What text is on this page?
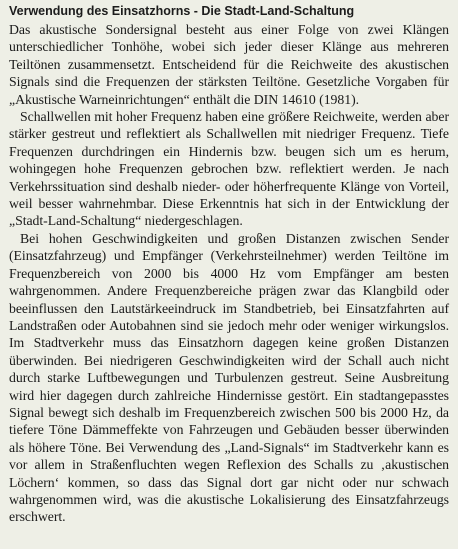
Verwendung des Einsatzhorns - Die Stadt-Land-Schaltung

Das akustische Sondersignal besteht aus einer Folge von zwei Klängen unterschiedlicher Tonhöhe, wobei sich jeder dieser Klänge aus mehreren Teiltönen zusammensetzt. Entscheidend für die Reichweite des akustischen Signals sind die Frequenzen der stärksten Teiltöne. Gesetzliche Vorgaben für „Akustische Warneinrichtungen“ enthält die DIN 14610 (1981).

Schallwellen mit hoher Frequenz haben eine größere Reichweite, werden aber stärker gestreut und reflektiert als Schallwellen mit niedriger Frequenz. Tiefe Frequenzen durchdringen ein Hindernis bzw. beugen sich um es herum, wohingegen hohe Frequenzen gebrochen bzw. reflektiert werden. Je nach Verkehrssituation sind deshalb nieder- oder höherfrequente Klänge von Vorteil, weil besser wahrnehmbar. Diese Erkenntnis hat sich in der Entwicklung der „Stadt-Land-Schaltung“ niedergeschlagen.

Bei hohen Geschwindigkeiten und großen Distanzen zwischen Sender (Einsatzfahrzeug) und Empfänger (Verkehrsteilnehmer) werden Teiltöne im Frequenzbereich von 2000 bis 4000 Hz vom Empfänger am besten wahrgenommen. Andere Frequenzbereiche prägen zwar das Klangbild oder beeinflussen den Lautstärkeeindruck im Standbetrieb, bei Einsatzfahrten auf Landstraßen oder Autobahnen sind sie jedoch mehr oder weniger wirkungslos. Im Stadtverkehr muss das Einsatzhorn dagegen keine großen Distanzen überwinden. Bei niedrigeren Geschwindigkeiten wird der Schall auch nicht durch starke Luftbewegungen und Turbulenzen gestreut. Seine Ausbreitung wird hier dagegen durch zahlreiche Hindernisse gestört. Ein stadtangepasstes Signal bewegt sich deshalb im Frequenzbereich zwischen 500 bis 2000 Hz, da tiefere Töne Dämmeffekte von Fahrzeugen und Gebäuden besser überwinden als höhere Töne. Bei Verwendung des „Land-Signals“ im Stadtverkehr kann es vor allem in Straßenfluchten wegen Reflexion des Schalls zu ‚akustischen Löchern‘ kommen, so dass das Signal dort gar nicht oder nur schwach wahrgenommen wird, was die akustische Lokalisierung des Einsatzfahrzeugs erschwert.
